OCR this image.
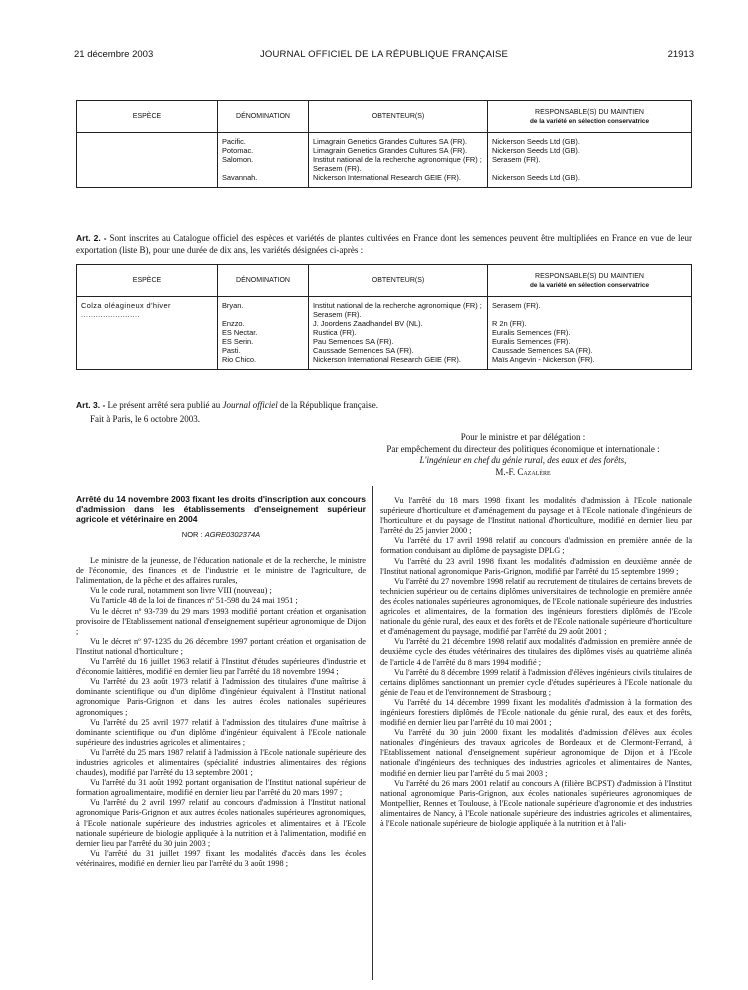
21 décembre 2003	JOURNAL OFFICIEL DE LA RÉPUBLIQUE FRANÇAISE	21913
ESPÈCE	DÉNOMINATION	OBTENTEUR(S)	RESPONSABLE(S) DU MAINTIEN
de la variété en sélection conservatrice

	Pacific.	Limagrain Genetics Grandes Cultures SA (FR).	Nickerson Seeds Ltd (GB).
	Potomac.	Limagrain Genetics Grandes Cultures SA (FR).	Nickerson Seeds Ltd (GB).
	Salomon.	Institut national de la recherche agronomique (FR) ; Serasem (FR).	Serasem (FR).
	Savannah.	Nickerson International Research GEIE (FR).	Nickerson Seeds Ltd (GB).

Art. 2. - Sont inscrites au Catalogue officiel des espèces et variétés de plantes cultivées en France dont les semences peuvent être multipliées en France en vue de leur exportation (liste B), pour une durée de dix ans, les variétés désignées ci-après :
ESPÈCE	DÉNOMINATION	OBTENTEUR(S)	RESPONSABLE(S) DU MAINTIEN
de la variété en sélection conservatrice

Colza oléagineux d'hiver ........................	Bryan.	Institut national de la recherche agronomique (FR) ; Serasem (FR).	Serasem (FR).
	Enzzo.	J. Joordens Zaadhandel BV (NL).	R 2n (FR).
	ES Nectar.	Rustica (FR).	Euralis Semences (FR).
	ES Serin.	Pau Semences SA (FR).	Euralis Semences (FR).
	Pasti.	Caussade Semences SA (FR).	Caussade Semences SA (FR).
	Rio Chico.	Nickerson International Research GEIE (FR).	Maïs Angevin - Nickerson (FR).

Art. 3. - Le présent arrêté sera publié au Journal officiel de la République française.
Fait à Paris, le 6 octobre 2003.
Pour le ministre et par délégation :
Par empêchement du directeur des politiques économique et internationale :
L'ingénieur en chef du génie rural, des eaux et des forêts,
M.-F. Cazalère
Arrêté du 14 novembre 2003 fixant les droits d'inscription aux concours d'admission dans les établissements d'enseignement supérieur agricole et vétérinaire en 2004
NOR : AGRE0302374A

Le ministre de la jeunesse, de l'éducation nationale et de la recherche, le ministre de l'économie, des finances et de l'industrie et le ministre de l'agriculture, de l'alimentation, de la pêche et des affaires rurales,

Vu le code rural, notamment son livre VIII (nouveau) ;

Vu l'article 48 de la loi de finances nº 51-598 du 24 mai 1951 ;

Vu le décret nº 93-739 du 29 mars 1993 modifié portant création et organisation provisoire de l'Etablissement national d'enseignement supérieur agronomique de Dijon ;

Vu le décret nº 97-1235 du 26 décembre 1997 portant création et organisation de l'Institut national d'horticulture ;

Vu l'arrêté du 16 juillet 1963 relatif à l'Institut d'études supérieures d'industrie et d'économie laitières, modifié en dernier lieu par l'arrêté du 18 novembre 1994 ;

Vu l'arrêté du 23 août 1973 relatif à l'admission des titulaires d'une maîtrise à dominante scientifique ou d'un diplôme d'ingénieur équivalent à l'Institut national agronomique Paris-Grignon et dans les autres écoles nationales supérieures agronomiques ;

Vu l'arrêté du 25 avril 1977 relatif à l'admission des titulaires d'une maîtrise à dominante scientifique ou d'un diplôme d'ingénieur équivalent à l'Ecole nationale supérieure des industries agricoles et alimentaires ;

Vu l'arrêté du 25 mars 1987 relatif à l'admission à l'Ecole nationale supérieure des industries agricoles et alimentaires (spécialité industries alimentaires des régions chaudes), modifié par l'arrêté du 13 septembre 2001 ;

Vu l'arrêté du 31 août 1992 portant organisation de l'Institut national supérieur de formation agroalimentaire, modifié en dernier lieu par l'arrêté du 20 mars 1997 ;

Vu l'arrêté du 2 avril 1997 relatif au concours d'admission à l'Institut national agronomique Paris-Grignon et aux autres écoles nationales supérieures agronomiques, à l'Ecole nationale supérieure des industries agricoles et alimentaires et à l'Ecole nationale supérieure de biologie appliquée à la nutrition et à l'alimentation, modifié en dernier lieu par l'arrêté du 30 juin 2003 ;

Vu l'arrêté du 31 juillet 1997 fixant les modalités d'accès dans les écoles vétérinaires, modifié en dernier lieu par l'arrêté du 3 août 1998 ;

Vu l'arrêté du 18 mars 1998 fixant les modalités d'admission à l'Ecole nationale supérieure d'horticulture et d'aménagement du paysage et à l'Ecole nationale d'ingénieurs de l'horticulture et du paysage de l'Institut national d'horticulture, modifié en dernier lieu par l'arrêté du 25 janvier 2000 ;

Vu l'arrêté du 17 avril 1998 relatif au concours d'admission en première année de la formation conduisant au diplôme de paysagiste DPLG ;

Vu l'arrêté du 23 avril 1998 fixant les modalités d'admission en deuxième année de l'Institut national agronomique Paris-Grignon, modifié par l'arrêté du 15 septembre 1999 ;

Vu l'arrêté du 27 novembre 1998 relatif au recrutement de titulaires de certains brevets de technicien supérieur ou de certains diplômes universitaires de technologie en première année des écoles nationales supérieures agronomiques, de l'Ecole nationale supérieure des industries agricoles et alimentaires, de la formation des ingénieurs forestiers diplômés de l'Ecole nationale du génie rural, des eaux et des forêts et de l'Ecole nationale supérieure d'horticulture et d'aménagement du paysage, modifié par l'arrêté du 29 août 2001 ;

Vu l'arrêté du 21 décembre 1998 relatif aux modalités d'admission en première année de deuxième cycle des études vétérinaires des titulaires des diplômes visés au quatrième alinéa de l'article 4 de l'arrêté du 8 mars 1994 modifié ;

Vu l'arrêté du 8 décembre 1999 relatif à l'admission d'élèves ingénieurs civils titulaires de certains diplômes sanctionnant un premier cycle d'études supérieures à l'Ecole nationale du génie de l'eau et de l'environnement de Strasbourg ;

Vu l'arrêté du 14 décembre 1999 fixant les modalités d'admission à la formation des ingénieurs forestiers diplômés de l'Ecole nationale du génie rural, des eaux et des forêts, modifié en dernier lieu par l'arrêté du 10 mai 2001 ;

Vu l'arrêté du 30 juin 2000 fixant les modalités d'admission d'élèves aux écoles nationales d'ingénieurs des travaux agricoles de Bordeaux et de Clermont-Ferrand, à l'Etablissement national d'enseignement supérieur agronomique de Dijon et à l'Ecole nationale d'ingénieurs des techniques des industries agricoles et alimentaires de Nantes, modifié en dernier lieu par l'arrêté du 5 mai 2003 ;

Vu l'arrêté du 26 mars 2001 relatif au concours A (filière BCPST) d'admission à l'Institut national agronomique Paris-Grignon, aux écoles nationales supérieures agronomiques de Montpellier, Rennes et Toulouse, à l'Ecole nationale supérieure d'agronomie et des industries alimentaires de Nancy, à l'Ecole nationale supérieure des industries agricoles et alimentaires, à l'Ecole nationale supérieure de biologie appliquée à la nutrition et à l'ali-
